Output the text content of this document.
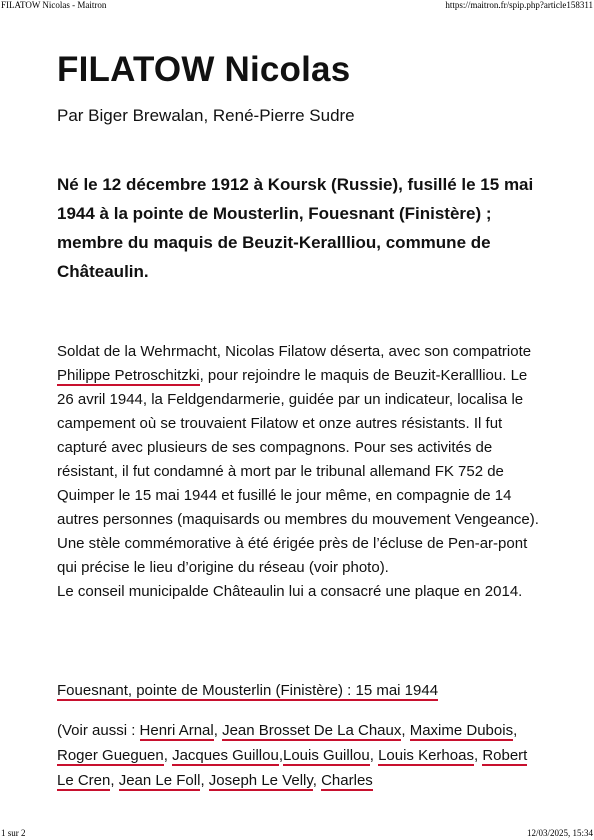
FILATOW Nicolas - Maitron	https://maitron.fr/spip.php?article158311
FILATOW Nicolas
Par Biger Brewalan, René-Pierre Sudre

Né le 12 décembre 1912 à Koursk (Russie), fusillé le 15 mai 1944 à la pointe de Mousterlin, Fouesnant (Finistère) ; membre du maquis de Beuzit-Kerallliou, commune de Châteaulin.

Soldat de la Wehrmacht, Nicolas Filatow déserta, avec son compatriote Philippe Petroschitzki, pour rejoindre le maquis de Beuzit-Kerallliou. Le 26 avril 1944, la Feldgendarmerie, guidée par un indicateur, localisa le campement où se trouvaient Filatow et onze autres résistants. Il fut capturé avec plusieurs de ses compagnons. Pour ses activités de résistant, il fut condamné à mort par le tribunal allemand FK 752 de Quimper le 15 mai 1944 et fusillé le jour même, en compagnie de 14 autres personnes (maquisards ou membres du mouvement Vengeance).
Une stèle commémorative à été érigée près de l’écluse de Pen-ar-pont qui précise le lieu d’origine du réseau (voir photo).
Le conseil municipalde Châteaulin lui a consacré une plaque en 2014.
Fouesnant, pointe de Mousterlin (Finistère) : 15 mai 1944

(Voir aussi : Henri Arnal, Jean Brosset De La Chaux, Maxime Dubois, Roger Gueguen, Jacques Guillou,Louis Guillou, Louis Kerhoas, Robert Le Cren, Jean Le Foll, Joseph Le Velly, Charles

1 sur 2	12/03/2025, 15:34
